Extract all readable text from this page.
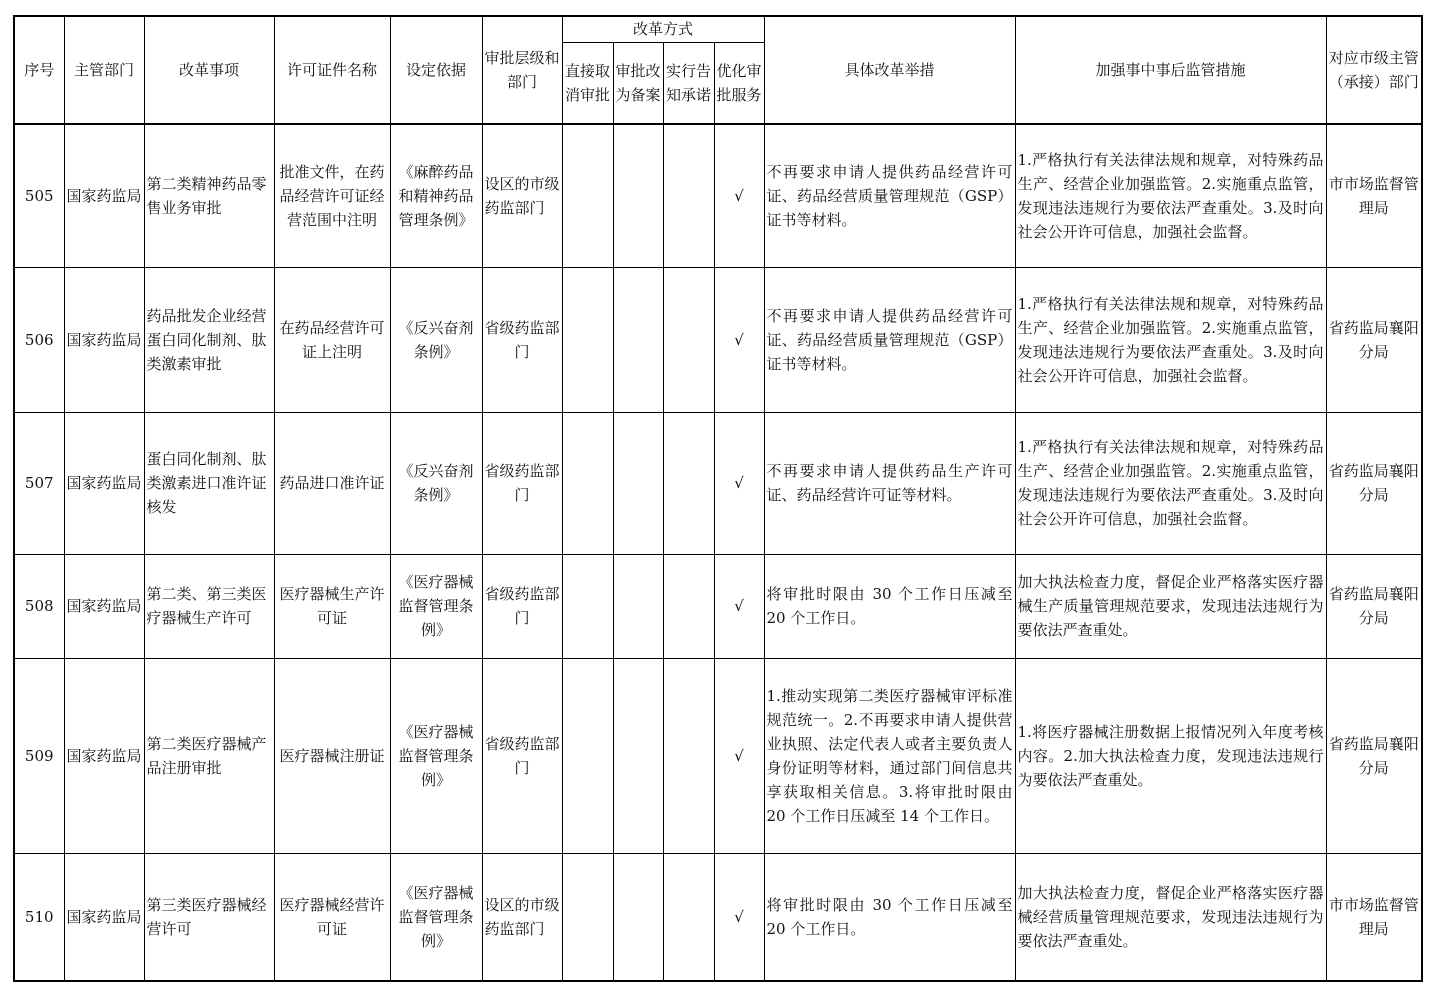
序号	主管部门	改革事项	许可证件名称	设定依据	审批层级和部门	改革方式				具体改革举措	加强事中事后监管措施	对应市级主管（承接）部门
						直接取消审批	审批改为备案	实行告知承诺	优化审批服务			
505	国家药监局	第二类精神药品零售业务审批	批准文件，在药品经营许可证经营范围中注明	《麻醉药品和精神药品管理条例》	设区的市级药监部门				√	不再要求申请人提供药品经营许可证、药品经营质量管理规范（GSP）证书等材料。	1.严格执行有关法律法规和规章，对特殊药品生产、经营企业加强监管。2.实施重点监管，发现违法违规行为要依法严查重处。3.及时向社会公开许可信息，加强社会监督。	市市场监督管理局
506	国家药监局	药品批发企业经营蛋白同化制剂、肽类激素审批	在药品经营许可证上注明	《反兴奋剂条例》	省级药监部门				√	不再要求申请人提供药品经营许可证、药品经营质量管理规范（GSP）证书等材料。	1.严格执行有关法律法规和规章，对特殊药品生产、经营企业加强监管。2.实施重点监管，发现违法违规行为要依法严查重处。3.及时向社会公开许可信息，加强社会监督。	省药监局襄阳分局
507	国家药监局	蛋白同化制剂、肽类激素进口准许证核发	药品进口准许证	《反兴奋剂条例》	省级药监部门				√	不再要求申请人提供药品生产许可证、药品经营许可证等材料。	1.严格执行有关法律法规和规章，对特殊药品生产、经营企业加强监管。2.实施重点监管，发现违法违规行为要依法严查重处。3.及时向社会公开许可信息，加强社会监督。	省药监局襄阳分局
508	国家药监局	第二类、第三类医疗器械生产许可	医疗器械生产许可证	《医疗器械监督管理条例》	省级药监部门				√	将审批时限由 30 个工作日压减至 20 个工作日。	加大执法检查力度，督促企业严格落实医疗器械生产质量管理规范要求，发现违法违规行为要依法严查重处。	省药监局襄阳分局
509	国家药监局	第二类医疗器械产品注册审批	医疗器械注册证	《医疗器械监督管理条例》	省级药监部门				√	1.推动实现第二类医疗器械审评标准规范统一。2.不再要求申请人提供营业执照、法定代表人或者主要负责人身份证明等材料，通过部门间信息共享获取相关信息。3.将审批时限由 20 个工作日压减至 14 个工作日。	1.将医疗器械注册数据上报情况列入年度考核内容。2.加大执法检查力度，发现违法违规行为要依法严查重处。	省药监局襄阳分局
510	国家药监局	第三类医疗器械经营许可	医疗器械经营许可证	《医疗器械监督管理条例》	设区的市级药监部门				√	将审批时限由 30 个工作日压减至 20 个工作日。	加大执法检查力度，督促企业严格落实医疗器械经营质量管理规范要求，发现违法违规行为要依法严查重处。	市市场监督管理局
